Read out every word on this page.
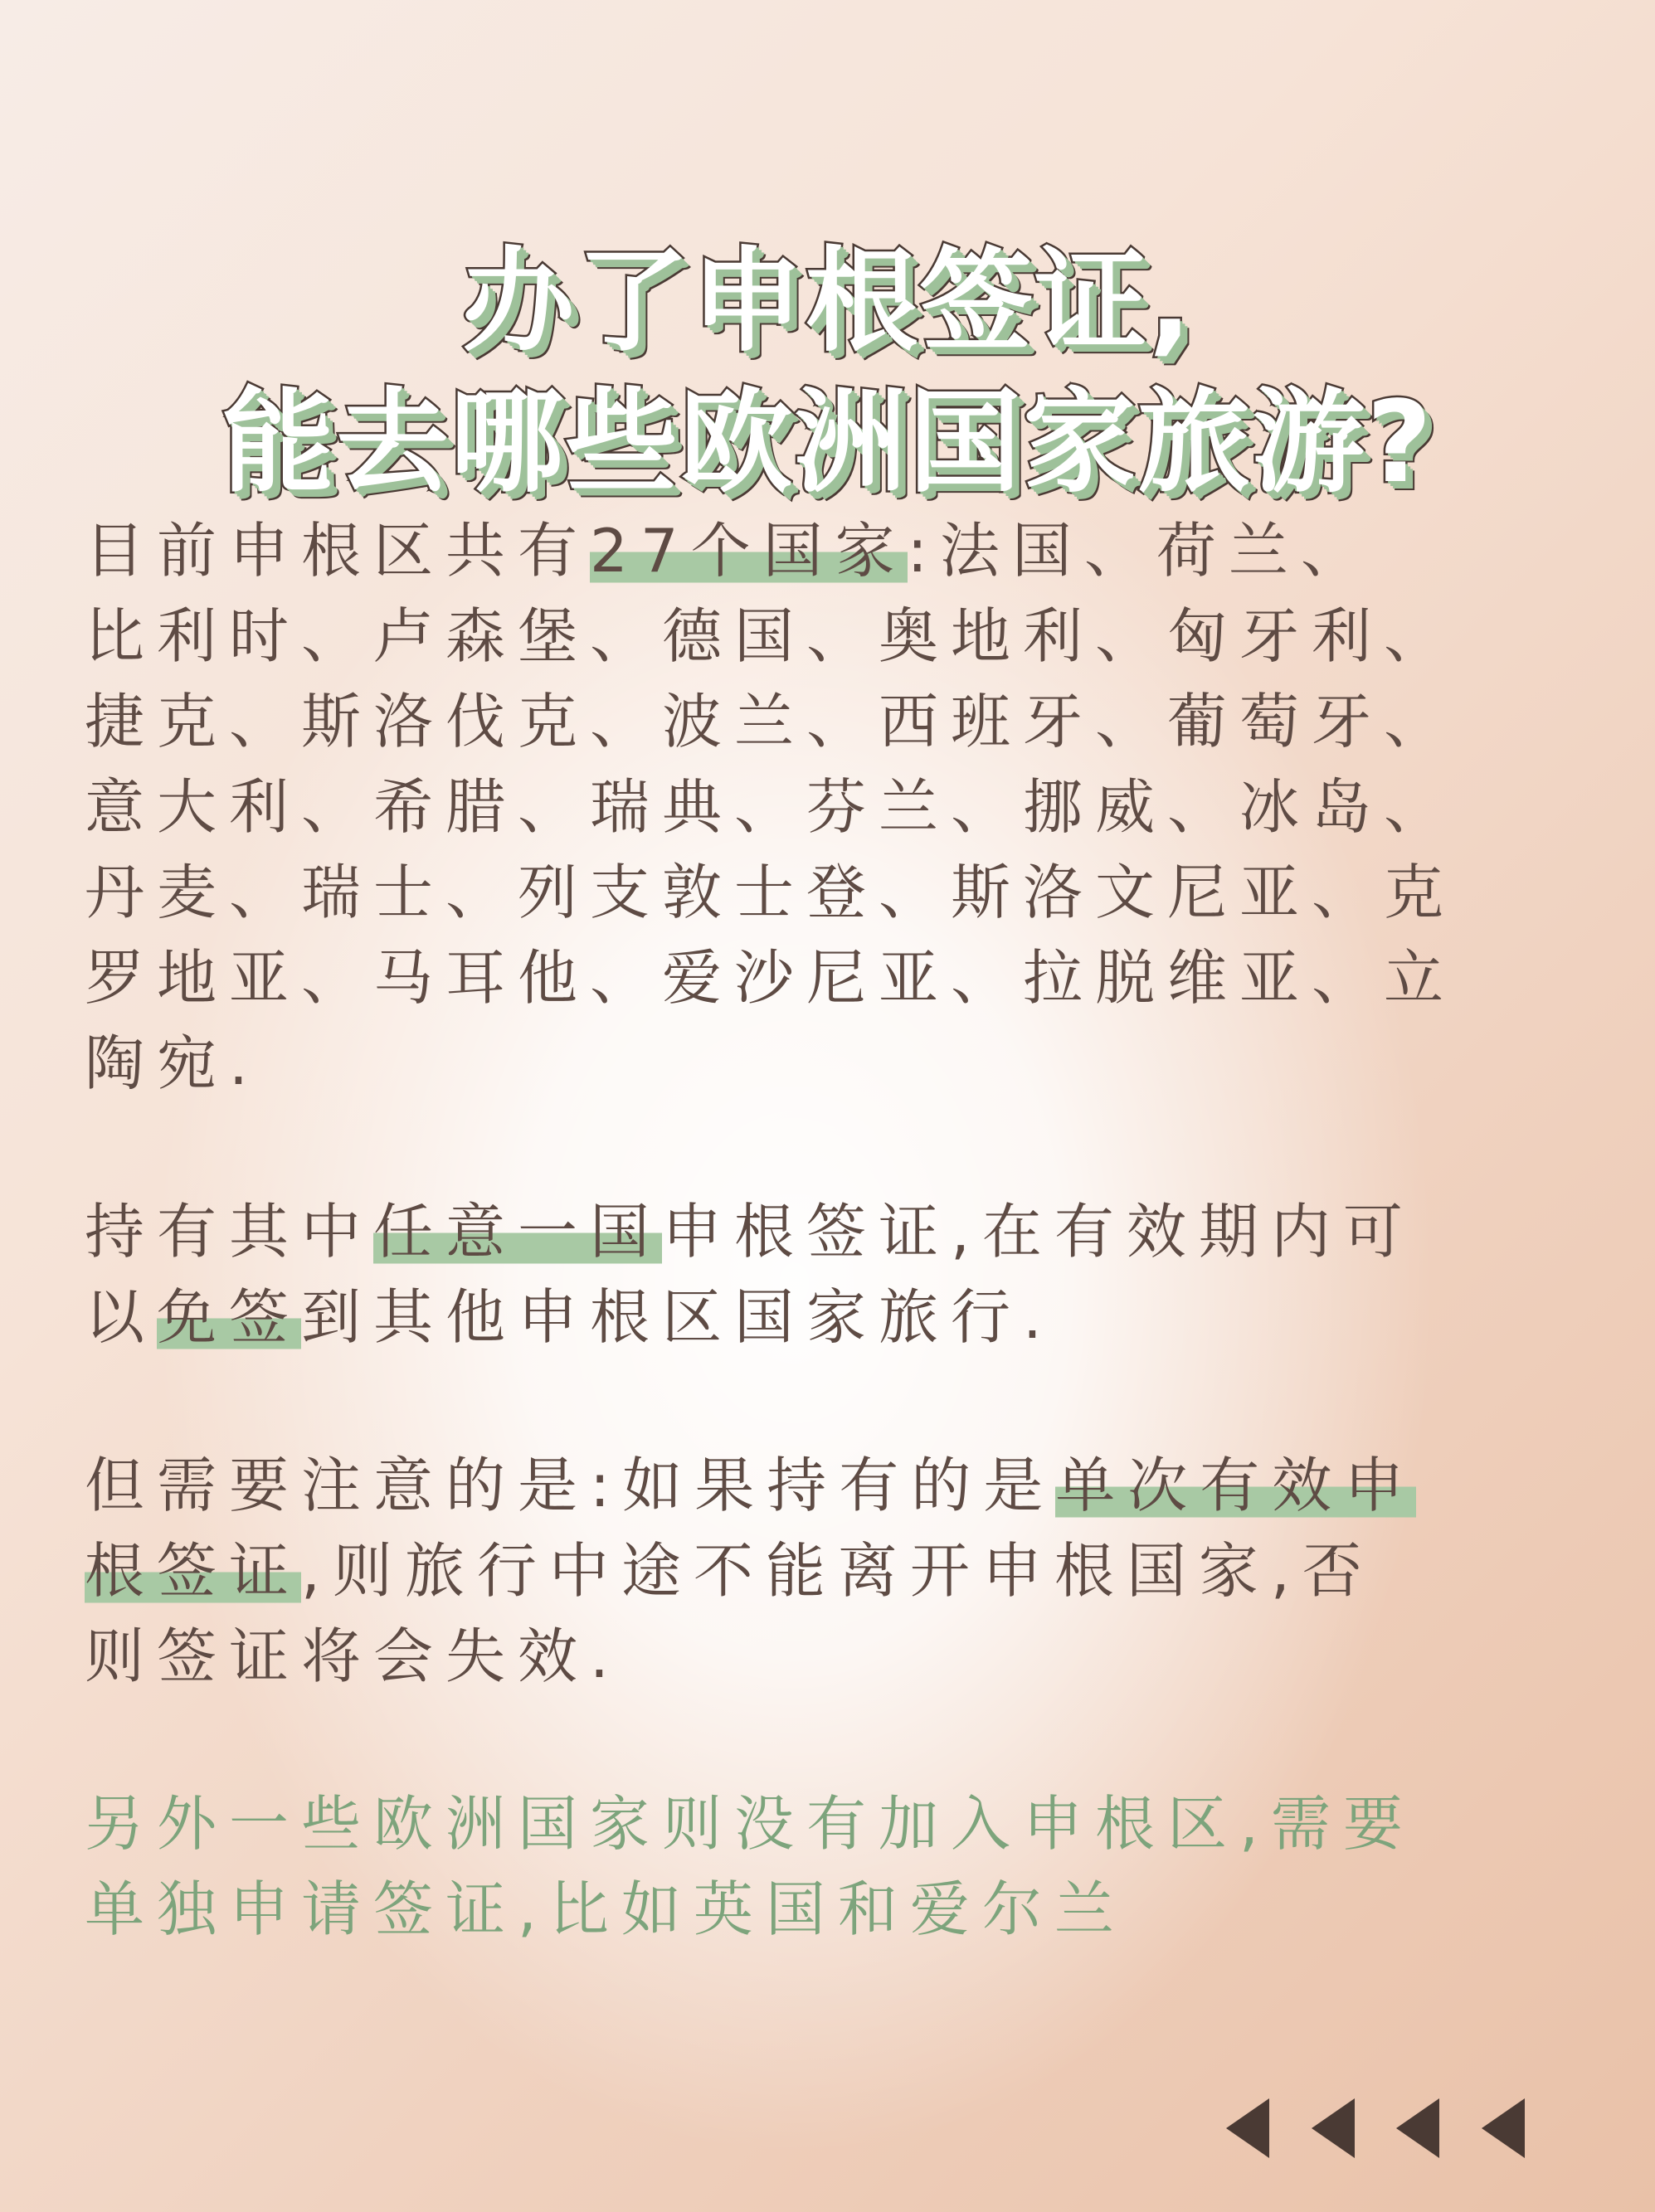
办了申根签证,
能去哪些欧洲国家旅游?

目前申根区共有27个国家:法国、荷兰、
比利时、卢森堡、德国、奥地利、匈牙利、
捷克、斯洛伐克、波兰、西班牙、葡萄牙、
意大利、希腊、瑞典、芬兰、挪威、冰岛、
丹麦、瑞士、列支敦士登、斯洛文尼亚、克
罗地亚、马耳他、爱沙尼亚、拉脱维亚、立
陶宛.

持有其中任意一国申根签证,在有效期内可
以免签到其他申根区国家旅行.

但需要注意的是:如果持有的是单次有效申
根签证,则旅行中途不能离开申根国家,否
则签证将会失效.

另外一些欧洲国家则没有加入申根区,需要
单独申请签证,比如英国和爱尔兰
